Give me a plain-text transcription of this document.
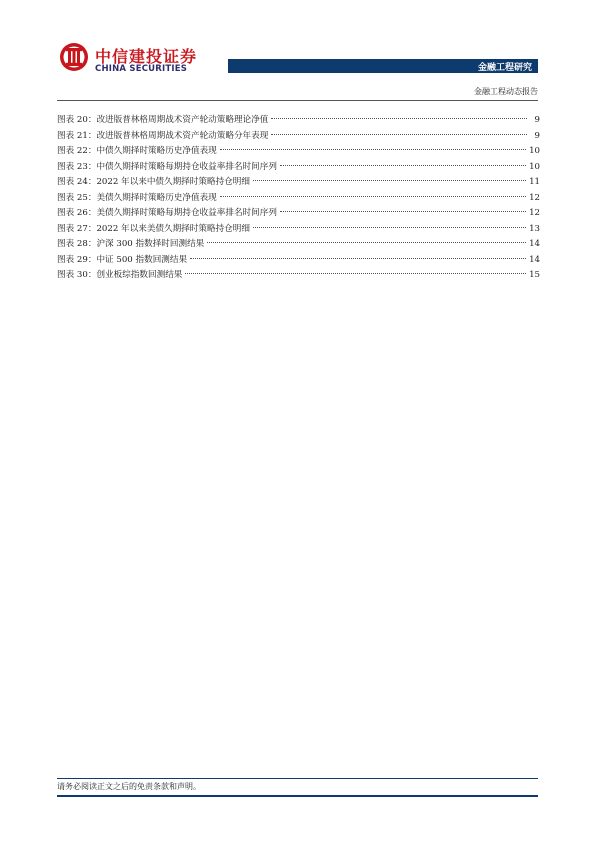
中信建投证券
CHINA SECURITIES	金融工程研究
金融工程动态报告
图表 20：改进版普林格周期战术资产轮动策略理论净值	9
图表 21：改进版普林格周期战术资产轮动策略分年表现	9
图表 22：中债久期择时策略历史净值表现	10
图表 23：中债久期择时策略每期持仓收益率排名时间序列	10
图表 24：2022 年以来中债久期择时策略持仓明细	11
图表 25：美债久期择时策略历史净值表现	12
图表 26：美债久期择时策略每期持仓收益率排名时间序列	12
图表 27：2022 年以来美债久期择时策略持仓明细	13
图表 28：沪深 300 指数择时回测结果	14
图表 29：中证 500 指数回测结果	14
图表 30：创业板综指数回测结果	15
请务必阅读正文之后的免责条款和声明。
